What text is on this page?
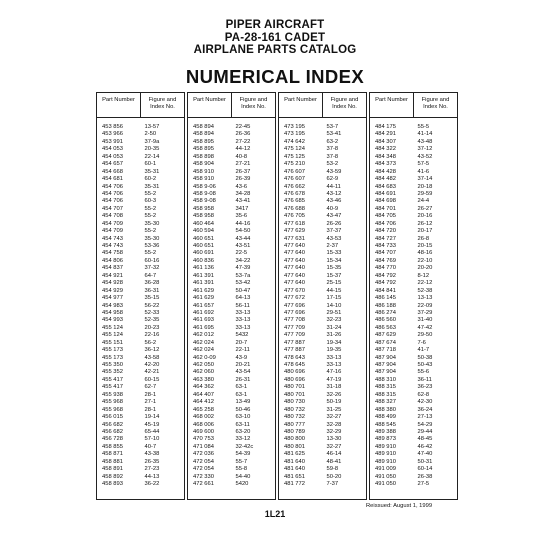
PIPER AIRCRAFT
PA-28-161 CADET
AIRPLANE PARTS CATALOG
NUMERICAL INDEX
Part Number	Figure and Index No.
453 856	13-57
453 966	2-50
453 991	37-9a
454 053	20-35
454 053	22-14
454 657	60-1
454 668	35-31
454 681	60-2
454 706	35-31
454 706	55-2
454 706	60-3
454 707	55-2
454 708	55-2
454 709	35-30
454 709	55-2
454 743	35-30
454 743	53-36
454 758	55-2
454 806	60-16
454 837	37-32
454 921	64-7
454 928	36-28
454 929	36-31
454 977	35-15
454 983	56-22
454 958	52-33
454 993	52-35
455 124	20-23
455 124	22-16
455 151	56-2
455 173	36-12
455 173	43-58
455 350	42-20
455 352	42-21
455 417	60-15
455 417	62-7
455 938	28-1
455 968	27-1
455 968	28-1
456 015	19-14
456 682	45-19
456 682	65-44
456 728	57-10
458 855	40-7
458 871	43-38
458 881	26-35
458 891	27-23
458 892	44-13
458 893	36-22
Part Number	Figure and Index No.
458 894	22-45
458 894	26-36
458 895	27-22
458 895	44-12
458 898	40-8
458 904	27-21
458 910	26-37
458 910	26-39
458 9-06	43-6
458 9-08	34-28
458 9-08	43-41
458 958	3417
458 958	35-6
460 464	44-16
460 594	54-50
460 651	43-44
460 651	43-51
460 691	22-5
460 836	34-22
461 136	47-39
461 391	53-7a
461 391	53-42
461 629	50-47
461 629	64-13
461 657	56-11
461 692	33-13
461 693	33-13
461 695	33-13
462 012	5432
462 024	20-7
462 024	22-11
462 0-09	43-9
462 050	20-21
462 060	43-54
463 380	26-31
464 362	63-1
464 407	63-1
464 412	13-49
465 258	50-46
468 002	63-10
468 006	63-11
469 600	63-20
470 753	33-12
471 084	32-42c
472 036	54-39
472 054	55-7
472 054	55-8
472 330	54-40
472 661	5420
Part Number	Figure and Index No.
473 195	53-7
473 195	53-41
474 642	63-2
475 124	37-8
475 125	37-8
475 210	53-2
476 607	43-59
476 607	62-9
476 662	44-11
476 678	43-12
476 685	43-46
476 688	40-9
476 705	43-47
477 618	26-26
477 629	37-37
477 631	43-53
477 640	2-37
477 640	15-33
477 640	15-34
477 640	15-35
477 640	15-37
477 640	25-15
477 670	44-15
477 672	17-15
477 696	14-10
477 696	29-51
477 708	32-23
477 709	31-24
477 709	31-26
477 887	19-34
477 887	19-35
478 643	33-13
478 645	33-13
480 696	47-16
480 696	47-19
480 701	31-18
480 701	32-26
480 730	50-19
480 732	31-25
480 732	32-27
480 777	32-28
480 789	32-29
480 800	13-30
480 801	32-27
481 625	46-14
481 640	48-41
481 640	59-8
481 651	50-20
481 772	7-37
Part Number	Figure and Index No.
484 175	55-5
484 291	41-14
484 307	43-48
484 322	37-12
484 348	43-52
484 373	57-5
484 428	41-6
484 482	37-14
484 683	20-18
484 691	29-59
484 698	24-4
484 701	26-27
484 705	20-16
484 706	26-12
484 720	20-17
484 727	26-8
484 733	20-15
484 707	48-16
484 769	22-10
484 770	20-20
484 792	8-12
484 792	22-12
484 841	52-38
486 145	13-13
486 188	22-09
486 274	37-29
486 560	31-40
486 563	47-42
487 629	29-50
487 674	7-6
487 718	41-7
487 904	50-38
487 904	50-43
487 904	55-6
488 310	36-11
488 315	36-23
488 315	62-8
488 327	42-30
488 380	36-24
488 499	27-13
488 545	54-29
489 388	29-44
489 873	48-45
489 910	46-42
489 910	47-40
489 910	50-31
491 009	60-14
491 050	26-38
491 050	27-5
Reissued: August 1, 1999
1L21
